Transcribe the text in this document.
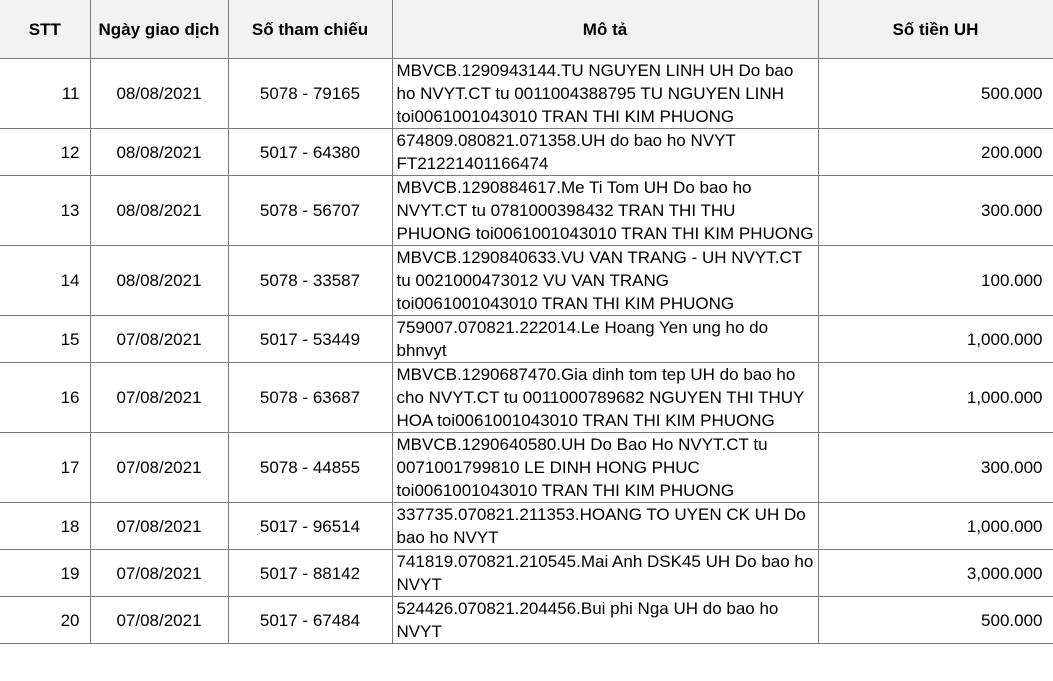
STT	Ngày giao dịch	Số tham chiếu	Mô tả	Số tiền UH
11	08/08/2021	5078 - 79165	MBVCB.1290943144.TU NGUYEN LINH UH Do bao ho NVYT.CT tu 0011004388795 TU NGUYEN LINH toi0061001043010 TRAN THI KIM PHUONG	500.000
12	08/08/2021	5017 - 64380	674809.080821.071358.UH do bao ho NVYT FT21221401166474	200.000
13	08/08/2021	5078 - 56707	MBVCB.1290884617.Me Ti Tom UH Do bao ho NVYT.CT tu 0781000398432 TRAN THI THU PHUONG toi0061001043010 TRAN THI KIM PHUONG	300.000
14	08/08/2021	5078 - 33587	MBVCB.1290840633.VU VAN TRANG - UH NVYT.CT tu 0021000473012 VU VAN TRANG toi0061001043010 TRAN THI KIM PHUONG	100.000
15	07/08/2021	5017 - 53449	759007.070821.222014.Le Hoang Yen ung ho do bhnvyt	1,000.000
16	07/08/2021	5078 - 63687	MBVCB.1290687470.Gia dinh tom tep UH do bao ho cho NVYT.CT tu 0011000789682 NGUYEN THI THUY HOA toi0061001043010 TRAN THI KIM PHUONG	1,000.000
17	07/08/2021	5078 - 44855	MBVCB.1290640580.UH Do Bao Ho NVYT.CT tu 0071001799810 LE DINH HONG PHUC toi0061001043010 TRAN THI KIM PHUONG	300.000
18	07/08/2021	5017 - 96514	337735.070821.211353.HOANG TO UYEN CK UH Do bao ho NVYT	1,000.000
19	07/08/2021	5017 - 88142	741819.070821.210545.Mai Anh DSK45 UH Do bao ho NVYT	3,000.000
20	07/08/2021	5017 - 67484	524426.070821.204456.Bui phi Nga UH do bao ho NVYT	500.000
